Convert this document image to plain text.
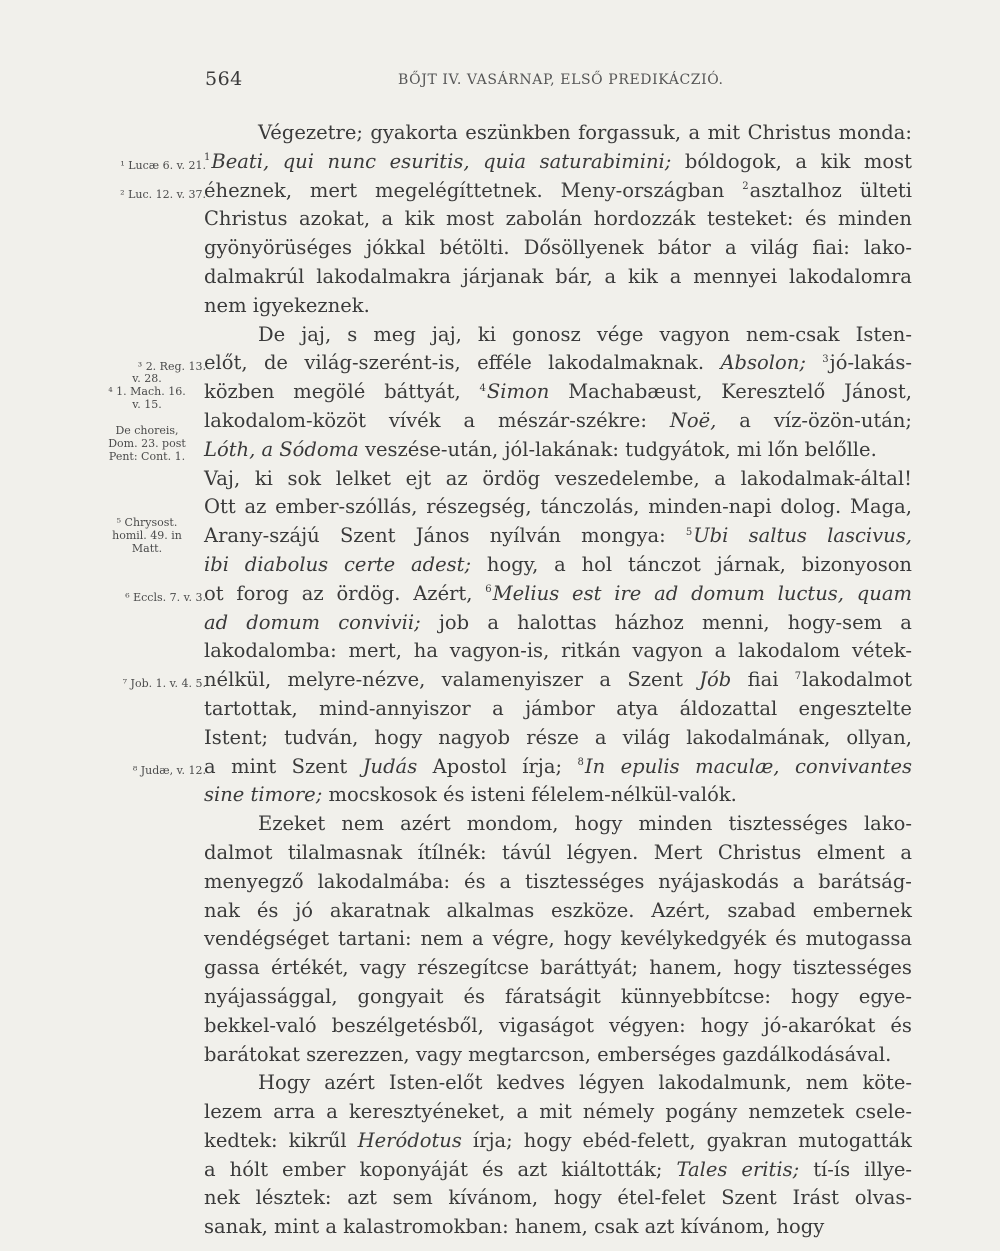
564	BŐJT IV. VASÁRNAP, ELSŐ PREDIKÁCZIÓ.
¹ Lucæ 6. v. 21.
² Luc. 12. v. 37.
³ 2. Reg. 13.
v. 28.
⁴ 1. Mach. 16.
v. 15.
De choreis,
Dom. 23. post
Pent: Cont. 1.
⁵ Chrysost.
homil. 49. in
Matt.
⁶ Eccls. 7. v. 3.
⁷ Job. 1. v. 4. 5.
⁸ Judæ, v. 12.
Végezetre; gyakorta eszünkben forgassuk, a mit Christus monda:
$^1$Beati, qui nunc esuritis, quia saturabimini; bóldogok, a kik most
éheznek, mert megelégíttetnek. Meny-országban $^2$asztalhoz ülteti
Christus azokat, a kik most zabolán hordozzák testeket: és minden
gyönyörüséges jókkal bétölti. Dősöllyenek bátor a világ fiai: lako-
dalmakrúl lakodalmakra járjanak bár, a kik a mennyei lakodalomra
nem igyekeznek.
De jaj, s meg jaj, ki gonosz vége vagyon nem-csak Isten-
előt, de világ-szerént-is, efféle lakodalmaknak. Absolon; $^3$jó-lakás-
közben megölé báttyát, $^4$Simon Machabæust, Keresztelő Jánost,
lakodalom-közöt vívék a mészár-székre: Noë, a víz-özön-után;
Lóth, a Sódoma veszése-után, jól-lakának: tudgyátok, mi lőn belőlle.
Vaj, ki sok lelket ejt az ördög veszedelembe, a lakodalmak-által!
Ott az ember-szóllás, részegség, tánczolás, minden-napi dolog. Maga,
Arany-szájú Szent János nyílván mongya: $^5$Ubi saltus lascivus,
ibi diabolus certe adest; hogy, a hol tánczot járnak, bizonyoson
ot forog az ördög. Azért, $^6$Melius est ire ad domum luctus, quam
ad domum convivii; job a halottas házhoz menni, hogy-sem a
lakodalomba: mert, ha vagyon-is, ritkán vagyon a lakodalom vétek-
nélkül, melyre-nézve, valamenyiszer a Szent Jób fiai $^7$lakodalmot
tartottak, mind-annyiszor a jámbor atya áldozattal engesztelte
Istent; tudván, hogy nagyob része a világ lakodalmának, ollyan,
a mint Szent Judás Apostol írja; $^8$In epulis maculæ, convivantes
sine timore; mocskosok és isteni félelem-nélkül-valók.
Ezeket nem azért mondom, hogy minden tisztességes lako-
dalmot tilalmasnak ítílnék: távúl légyen. Mert Christus elment a
menyegző lakodalmába: és a tisztességes nyájaskodás a barátság-
nak és jó akaratnak alkalmas eszköze. Azért, szabad embernek
vendégséget tartani: nem a végre, hogy kevélykedgyék és mutogassa
gassa értékét, vagy részegítcse baráttyát; hanem, hogy tisztességes
nyájassággal, gongyait és fáratságit künnyebbítcse: hogy egye-
bekkel-való beszélgetésből, vigaságot végyen: hogy jó-akarókat és
barátokat szerezzen, vagy megtarcson, emberséges gazdálkodásával.
Hogy azért Isten-előt kedves légyen lakodalmunk, nem köte-
lezem arra a keresztyéneket, a mit némely pogány nemzetek csele-
kedtek: kikrűl Heródotus írja; hogy ebéd-felett, gyakran mutogatták
a hólt ember koponyáját és azt kiáltották; Tales eritis; tí-ís illye-
nek lésztek: azt sem kívánom, hogy étel-felet Szent Irást olvas-
sanak, mint a kalastromokban: hanem, csak azt kívánom, hogy
